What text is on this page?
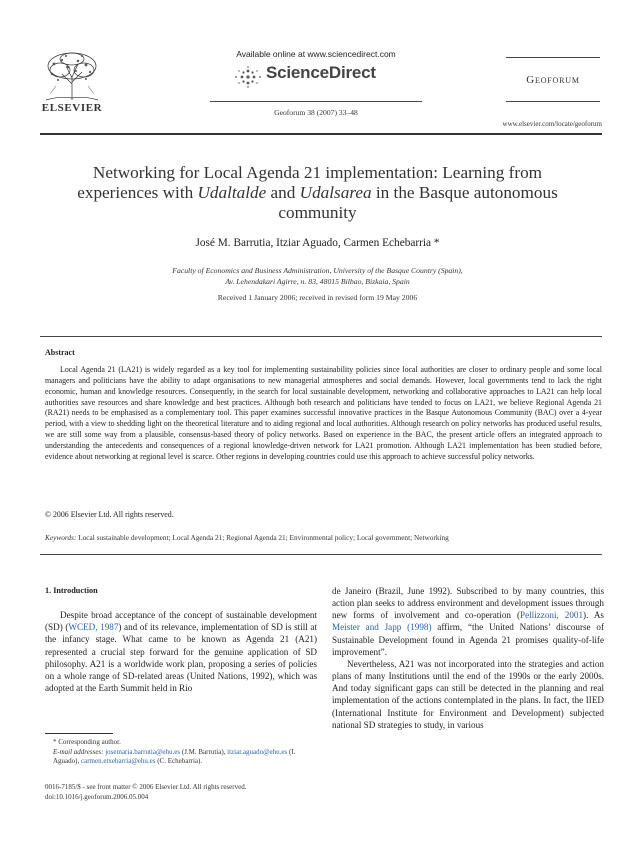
ELSEVIER
Available online at www.sciencedirect.com
ScienceDirect
Geoforum 38 (2007) 33–48
Geoforum
www.elsevier.com/locate/geoforum
Networking for Local Agenda 21 implementation: Learning from experiences with Udaltalde and Udalsarea in the Basque autonomous community
José M. Barrutia, Itziar Aguado, Carmen Echebarria *
Faculty of Economics and Business Administration, University of the Basque Country (Spain),
Av. Lehendakari Agirre, n. 83, 48015 Bilbao, Bizkaia, Spain
Received 1 January 2006; received in revised form 19 May 2006
Abstract

Local Agenda 21 (LA21) is widely regarded as a key tool for implementing sustainability policies since local authorities are closer to ordinary people and some local managers and politicians have the ability to adapt organisations to new managerial atmospheres and social demands. However, local governments tend to lack the right economic, human and knowledge resources. Consequently, in the search for local sustainable development, networking and collaborative approaches to LA21 can help local authorities save resources and share knowledge and best practices. Although both research and politicians have tended to focus on LA21, we believe Regional Agenda 21 (RA21) needs to be emphasised as a complementary tool. This paper examines successful innovative practices in the Basque Autonomous Community (BAC) over a 4-year period, with a view to shedding light on the theoretical literature and to aiding regional and local authorities. Although research on policy networks has produced useful results, we are still some way from a plausible, consensus-based theory of policy networks. Based on experience in the BAC, the present article offers an integrated approach to understanding the antecedents and consequences of a regional knowledge-driven network for LA21 promotion. Although LA21 implementation has been studied before, evidence about networking at regional level is scarce. Other regions in developing countries could use this approach to achieve successful policy networks.

© 2006 Elsevier Ltd. All rights reserved.
Keywords: Local sustainable development; Local Agenda 21; Regional Agenda 21; Environmental policy; Local government; Networking
1. Introduction

Despite broad acceptance of the concept of sustainable development (SD) (WCED, 1987) and of its relevance, implementation of SD is still at the infancy stage. What came to be known as Agenda 21 (A21) represented a crucial step forward for the genuine application of SD philosophy. A21 is a worldwide work plan, proposing a series of policies on a whole range of SD-related areas (United Nations, 1992), which was adopted at the Earth Summit held in Rio

de Janeiro (Brazil, June 1992). Subscribed to by many countries, this action plan seeks to address environment and development issues through new forms of involvement and co-operation (Pellizzoni, 2001). As Meister and Japp (1998) affirm, “the United Nations’ discourse of Sustainable Development found in Agenda 21 promises quality-of-life improvement”.

Nevertheless, A21 was not incorporated into the strategies and action plans of many Institutions until the end of the 1990s or the early 2000s. And today significant gaps can still be detected in the planning and real implementation of the actions contemplated in the plans. In fact, the IIED (International Institute for Environment and Development) subjected national SD strategies to study, in various

* Corresponding author.
E-mail addresses: josemaria.barrutia@ehu.es (J.M. Barrutia), itziar.aguado@ehu.es (I. Aguado), carmen.etxebarria@ehu.es (C. Echebarria).
0016-7185/$ - see front matter © 2006 Elsevier Ltd. All rights reserved.
doi:10.1016/j.geoforum.2006.05.004
